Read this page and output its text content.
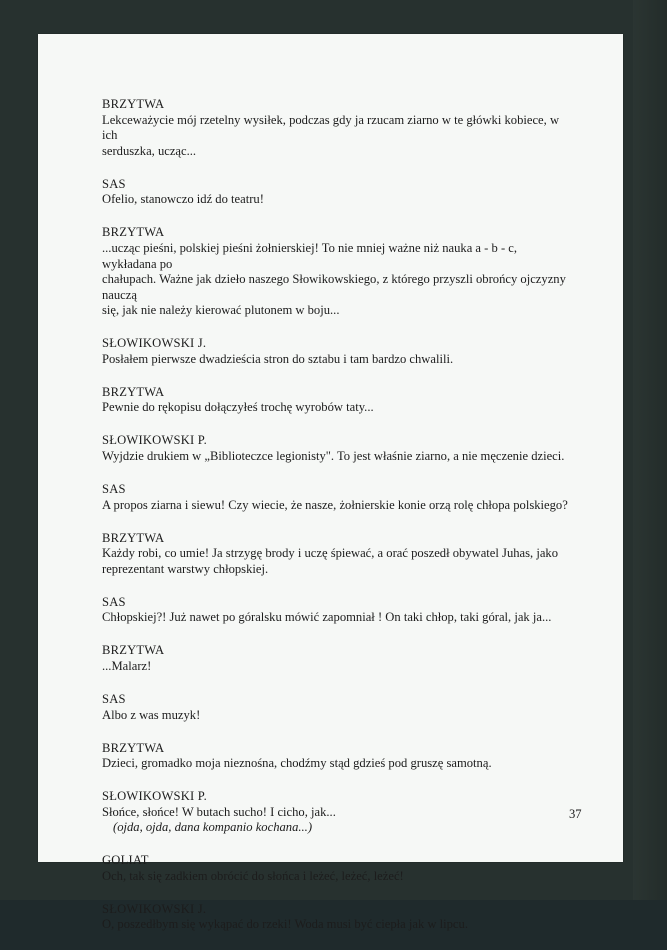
BRZYTWA
Lekceważycie mój rzetelny wysiłek, podczas gdy ja rzucam ziarno w te główki kobiece, w ich
serduszka, ucząc...
SAS
Ofelio, stanowczo idź do teatru!
BRZYTWA
...ucząc pieśni, polskiej pieśni żołnierskiej! To nie mniej ważne niż nauka a - b - c, wykładana po
chałupach. Ważne jak dzieło naszego Słowikowskiego, z którego przyszli obrońcy ojczyzny nauczą
się, jak nie należy kierować plutonem w boju...
SŁOWIKOWSKI J.
Posłałem pierwsze dwadzieścia stron do sztabu i tam bardzo chwalili.
BRZYTWA
Pewnie do rękopisu dołączyłeś trochę wyrobów taty...
SŁOWIKOWSKI P.
Wyjdzie drukiem w „Biblioteczce legionisty". To jest właśnie ziarno, a nie męczenie dzieci.
SAS
A propos ziarna i siewu! Czy wiecie, że nasze, żołnierskie konie orzą rolę chłopa polskiego?
BRZYTWA
Każdy robi, co umie! Ja strzygę brody i uczę śpiewać, a orać poszedł obywatel Juhas, jako
reprezentant warstwy chłopskiej.
SAS
Chłopskiej?! Już nawet po góralsku mówić zapomniał ! On taki chłop, taki góral, jak ja...
BRZYTWA
...Malarz!
SAS
Albo z was muzyk!
BRZYTWA
Dzieci, gromadko moja nieznośna, chodźmy stąd gdzieś pod gruszę samotną.
SŁOWIKOWSKI P.
Słońce, słońce! W butach sucho! I cicho, jak...
(ojda, ojda, dana kompanio kochana...)
GOLIAT
Och, tak się zadkiem obrócić do słońca i leżeć, leżeć, leżeć!
SŁOWIKOWSKI J.
O, poszedłbym się wykąpać do rzeki! Woda musi być ciepła jak w lipcu.
37
